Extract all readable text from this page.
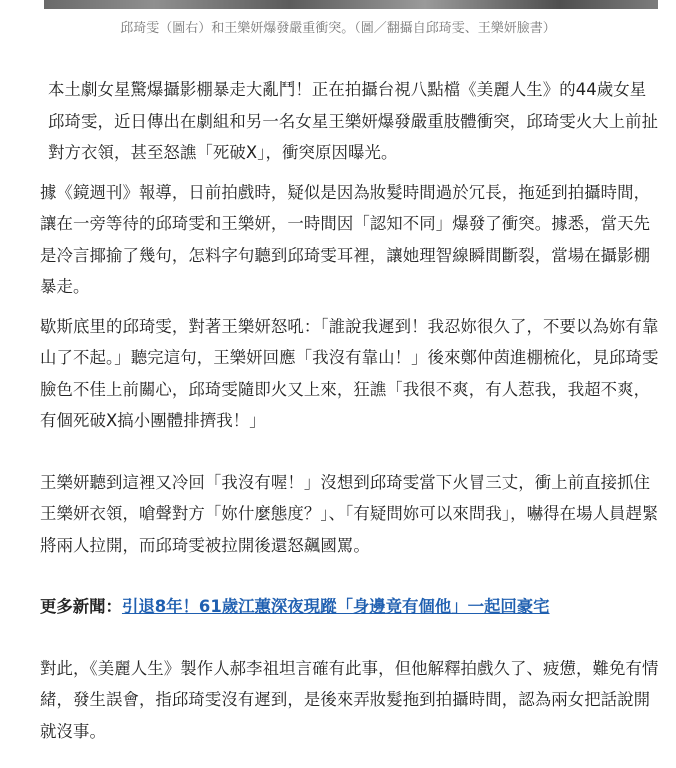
邱琦雯（圖右）和王樂妍爆發嚴重衝突。（圖／翻攝自邱琦雯、王樂妍臉書）

本土劇女星驚爆攝影棚暴走大亂鬥！正在拍攝台視八點檔《美麗人生》的44歲女星邱琦雯，近日傳出在劇組和另一名女星王樂妍爆發嚴重肢體衝突，邱琦雯火大上前扯對方衣領，甚至怒譙「死破X」，衝突原因曝光。

據《鏡週刊》報導，日前拍戲時，疑似是因為妝髮時間過於冗長，拖延到拍攝時間，讓在一旁等待的邱琦雯和王樂妍，一時間因「認知不同」爆發了衝突。據悉，當天先是冷言揶揄了幾句，怎料字句聽到邱琦雯耳裡，讓她理智線瞬間斷裂，當場在攝影棚暴走。

歇斯底里的邱琦雯，對著王樂妍怒吼：「誰說我遲到！我忍妳很久了，不要以為妳有靠山了不起。」聽完這句，王樂妍回應「我沒有靠山！」後來鄭仲茵進棚梳化，見邱琦雯臉色不佳上前關心，邱琦雯隨即火又上來，狂譙「我很不爽，有人惹我，我超不爽，有個死破X搞小團體排擠我！」

王樂妍聽到這裡又冷回「我沒有喔！」沒想到邱琦雯當下火冒三丈，衝上前直接抓住王樂妍衣領，嗆聲對方「妳什麼態度？」、「有疑問妳可以來問我」，嚇得在場人員趕緊將兩人拉開，而邱琦雯被拉開後還怒飆國罵。

更多新聞：引退8年！61歲江蕙深夜現蹤「身邊竟有個他」一起回豪宅

對此，《美麗人生》製作人郝李祖坦言確有此事，但他解釋拍戲久了、疲憊，難免有情緒，發生誤會，指邱琦雯沒有遲到，是後來弄妝髮拖到拍攝時間，認為兩女把話說開就沒事。
